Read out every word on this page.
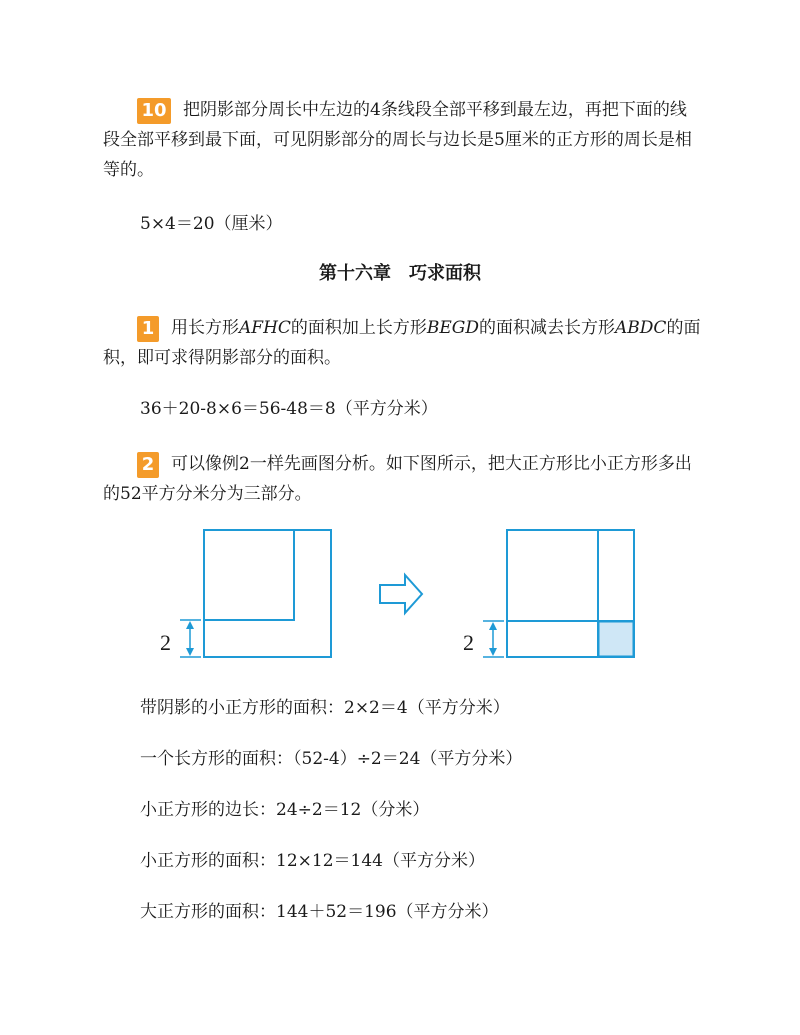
10 把阴影部分周长中左边的4条线段全部平移到最左边，再把下面的线段全部平移到最下面，可见阴影部分的周长与边长是5厘米的正方形的周长是相等的。
5×4＝20（厘米）
第十六章　巧求面积
1 用长方形AFHC的面积加上长方形BEGD的面积减去长方形ABDC的面积，即可求得阴影部分的面积。
36＋20-8×6＝56-48＝8（平方分米）
2 可以像例2一样先画图分析。如下图所示，把大正方形比小正方形多出的52平方分米分为三部分。
2	2
带阴影的小正方形的面积：2×2＝4（平方分米）
一个长方形的面积：（52-4）÷2＝24（平方分米）
小正方形的边长：24÷2＝12（分米）
小正方形的面积：12×12＝144（平方分米）
大正方形的面积：144＋52＝196（平方分米）
